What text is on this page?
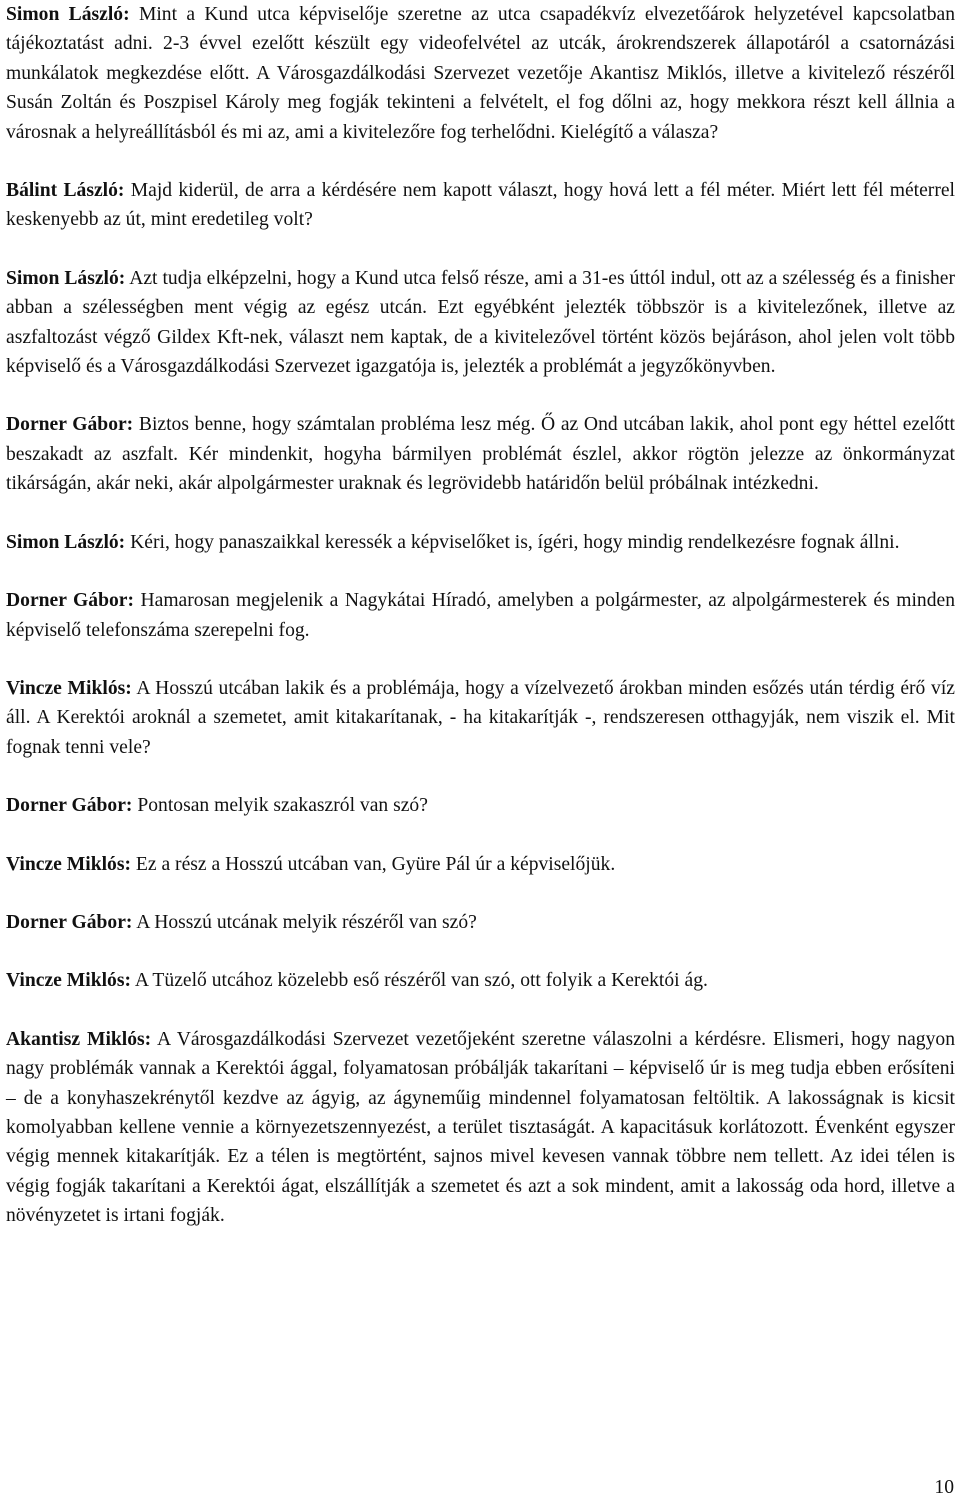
Simon László: Mint a Kund utca képviselője szeretne az utca csapadékvíz elvezetőárok helyzetével kapcsolatban tájékoztatást adni. 2-3 évvel ezelőtt készült egy videofelvétel az utcák, árokrendszerek állapotáról a csatornázási munkálatok megkezdése előtt. A Városgazdálkodási Szervezet vezetője Akantisz Miklós, illetve a kivitelező részéről Susán Zoltán és Poszpisel Károly meg fogják tekinteni a felvételt, el fog dőlni az, hogy mekkora részt kell állnia a városnak a helyreállításból és mi az, ami a kivitelezőre fog terhelődni. Kielégítő a válasza?

Bálint László: Majd kiderül, de arra a kérdésére nem kapott választ, hogy hová lett a fél méter. Miért lett fél méterrel keskenyebb az út, mint eredetileg volt?

Simon László: Azt tudja elképzelni, hogy a Kund utca felső része, ami a 31-es úttól indul, ott az a szélesség és a finisher abban a szélességben ment végig az egész utcán. Ezt egyébként jelezték többször is a kivitelezőnek, illetve az aszfaltozást végző Gildex Kft-nek, választ nem kaptak, de a kivitelezővel történt közös bejáráson, ahol jelen volt több képviselő és a Városgazdálkodási Szervezet igazgatója is, jelezték a problémát a jegyzőkönyvben.

Dorner Gábor: Biztos benne, hogy számtalan probléma lesz még. Ő az Ond utcában lakik, ahol pont egy héttel ezelőtt beszakadt az aszfalt. Kér mindenkit, hogyha bármilyen problémát észlel, akkor rögtön jelezze az önkormányzat tikárságán, akár neki, akár alpolgármester uraknak és legrövidebb határidőn belül próbálnak intézkedni.

Simon László: Kéri, hogy panaszaikkal keressék a képviselőket is, ígéri, hogy mindig rendelkezésre fognak állni.

Dorner Gábor: Hamarosan megjelenik a Nagykátai Híradó, amelyben a polgármester, az alpolgármesterek és minden képviselő telefonszáma szerepelni fog.

Vincze Miklós: A Hosszú utcában lakik és a problémája, hogy a vízelvezető árokban minden esőzés után térdig érő víz áll. A Kerektói aroknál a szemetet, amit kitakarítanak, - ha kitakarítják -, rendszeresen otthagyják, nem viszik el. Mit fognak tenni vele?

Dorner Gábor: Pontosan melyik szakaszról van szó?

Vincze Miklós: Ez a rész a Hosszú utcában van, Gyüre Pál úr a képviselőjük.

Dorner Gábor: A Hosszú utcának melyik részéről van szó?

Vincze Miklós: A Tüzelő utcához közelebb eső részéről van szó, ott folyik a Kerektói ág.

Akantisz Miklós: A Városgazdálkodási Szervezet vezetőjeként szeretne válaszolni a kérdésre. Elismeri, hogy nagyon nagy problémák vannak a Kerektói ággal, folyamatosan próbálják takarítani – képviselő úr is meg tudja ebben erősíteni – de a konyhaszekrénytől kezdve az ágyig, az ágyneműig mindennel folyamatosan feltöltik. A lakosságnak is kicsit komolyabban kellene vennie a környezetszennyezést, a terület tisztaságát. A kapacitásuk korlátozott. Évenként egyszer végig mennek kitakarítják. Ez a télen is megtörtént, sajnos mivel kevesen vannak többre nem tellett. Az idei télen is végig fogják takarítani a Kerektói ágat, elszállítják a szemetet és azt a sok mindent, amit a lakosság oda hord, illetve a növényzetet is irtani fogják.

10
